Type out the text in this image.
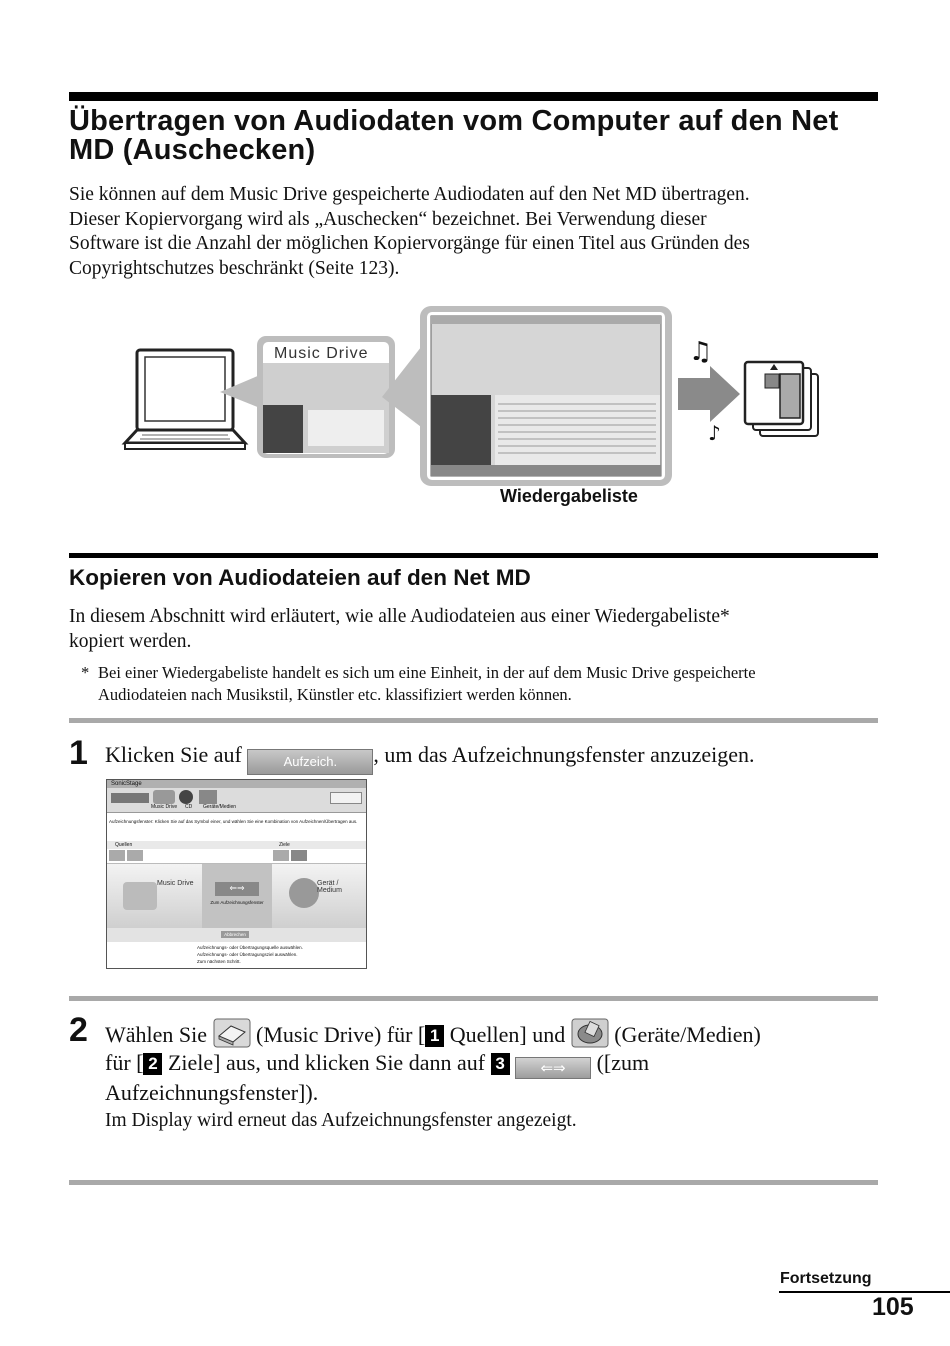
Übertragen von Audiodaten vom Computer auf den Net MD (Auschecken)
Sie können auf dem Music Drive gespeicherte Audiodaten auf den Net MD übertragen.
Dieser Kopiervorgang wird als „Auschecken“ bezeichnet. Bei Verwendung dieser
Software ist die Anzahl der möglichen Kopiervorgänge für einen Titel aus Gründen des
Copyrightschutzes beschränkt (Seite 123).
Music Drive	♫
♪
Wiedergabeliste
Kopieren von Audiodateien auf den Net MD
In diesem Abschnitt wird erläutert, wie alle Audiodateien aus einer Wiedergabeliste*
kopiert werden.
* Bei einer Wiedergabeliste handelt es sich um eine Einheit, in der auf dem Music Drive gespeicherte
Audiodateien nach Musikstil, Künstler etc. klassifiziert werden können.
1 Klicken Sie auf	Aufzeich. , um das Aufzeichnungsfenster anzuzeigen.
SonicStage
Music Drive CD Geräte/Medien
Aufzeichnungsfenster: Klicken Sie auf das Symbol einer, und wählen Sie eine Kombination von Aufzeichnen/Übertragen aus.
Quellen	Ziele
Music Drive
⇐⇒
Zum Aufzeichnungsfenster
Gerät / Medium
Abbrechen
Aufzeichnungs- oder Übertragungsquelle auswählen.
Aufzeichnungs- oder Übertragungsziel auswählen.
Zum nächsten Schritt.
2 Wählen Sie (Music Drive) für [ 1 Quellen] und (Geräte/Medien)
für [ 2 Ziele] aus, und klicken Sie dann auf 3 ⇐⇒ ([zum
Aufzeichnungsfenster]).
Im Display wird erneut das Aufzeichnungsfenster angezeigt.
Fortsetzung
105
